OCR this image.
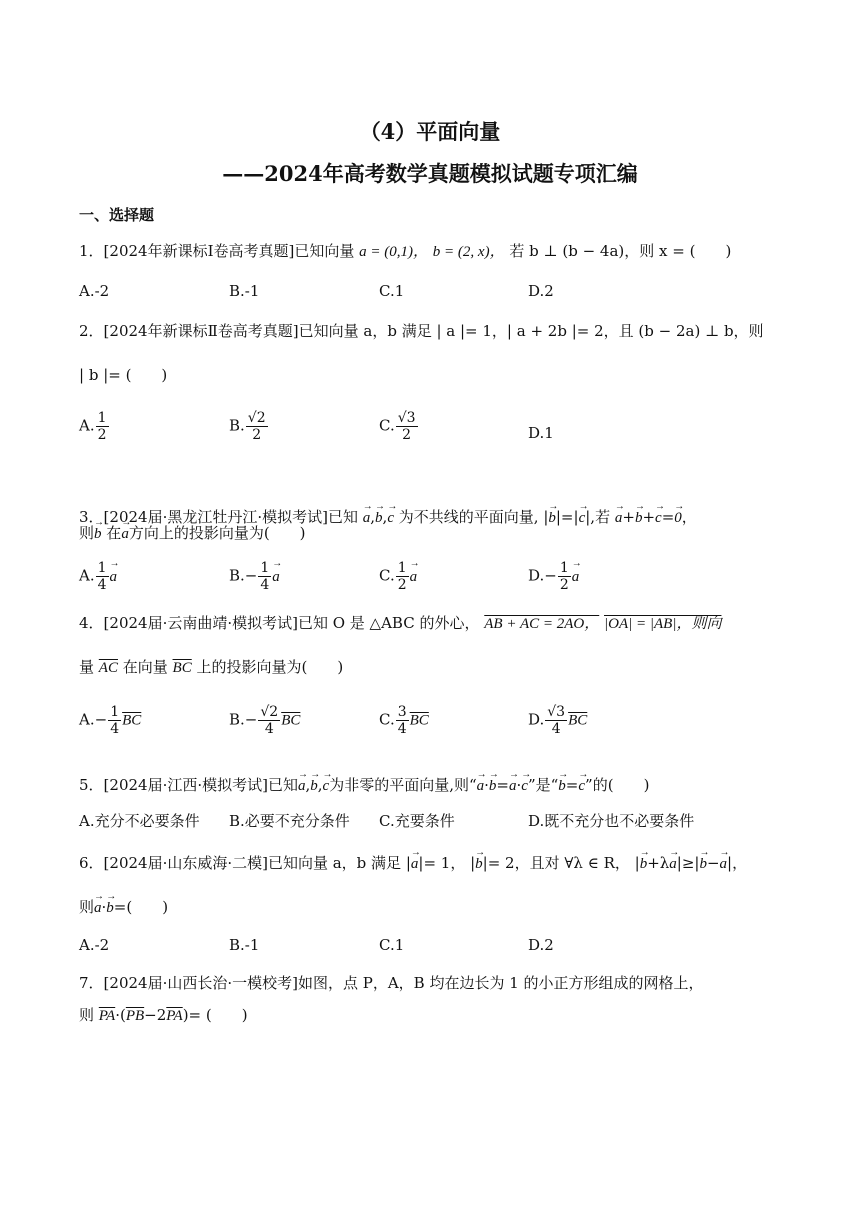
（4）平面向量
——2024年高考数学真题模拟试题专项汇编
一、选择题
1．[2024年新课标Ⅰ卷高考真题]已知向量 a = (0,1)， b = (2, x)， 若 b ⊥ (b − 4a)，则 x = (　　)
A.-2	B.-1	C.1	D.2
2．[2024年新课标Ⅱ卷高考真题]已知向量 a，b 满足 | a |= 1，| a + 2b |= 2，且 (b − 2a) ⊥ b，则
| b |= (　　)
A. $\frac{1}{2}$	B. $\frac{√2}{2}$	C. $\frac{√3}{2}$	D.1
3．[2024届·黑龙江牡丹江·模拟考试]已知 → a,→ b,→ c 为不共线的平面向量, |→ b|=|→ c|,若 → a+→ b+→ c=→ 0，
则→ b 在→ a方向上的投影向量为(　　)
A. $\frac{1}{4} \to a$	$B.- \frac{1}{4} \to a$	C. $\frac{1}{2} \to a$	$D.- \frac{1}{2} \to a$
4．[2024届·云南曲靖·模拟考试]已知 O 是 △ABC 的外心， AB + AC = 2AO， |OA| = |AB|，则向
量 $\overline{AC}$ 在向量 $\overline{BC}$ 上的投影向量为(　　)
$A.- \frac{1}{4} \overline{BC}$	$B.- \frac{√2}{4} \overline{BC}$	C. $\frac{3}{4} \overline{BC}$	D. $\frac{√3}{4} \overline{BC}$
5．[2024届·江西·模拟考试]已知→ a,→ b,→ c为非零的平面向量,则“→ a·→ b=→ a·→ c”是“→ b=→ c”的(　　)
A.充分不必要条件 B.必要不充分条件 C.充要条件	D.既不充分也不必要条件
6．[2024届·山东威海·二模]已知向量 a，b 满足 |→ a|= 1， |→ b|= 2，且对 ∀λ ∈ R， |→ b+λ→ a|≥|→ b−→ a|，
则→ a·→ b=(　　)
A.-2	B.-1	C.1	D.2
7．[2024届·山西长治·一模校考]如图，点 P，A，B 均在边长为 1 的小正方形组成的网格上，
则 $\overline{PA}\cdot(\overline{PB}-2\overline{PA})=$ (　　)
